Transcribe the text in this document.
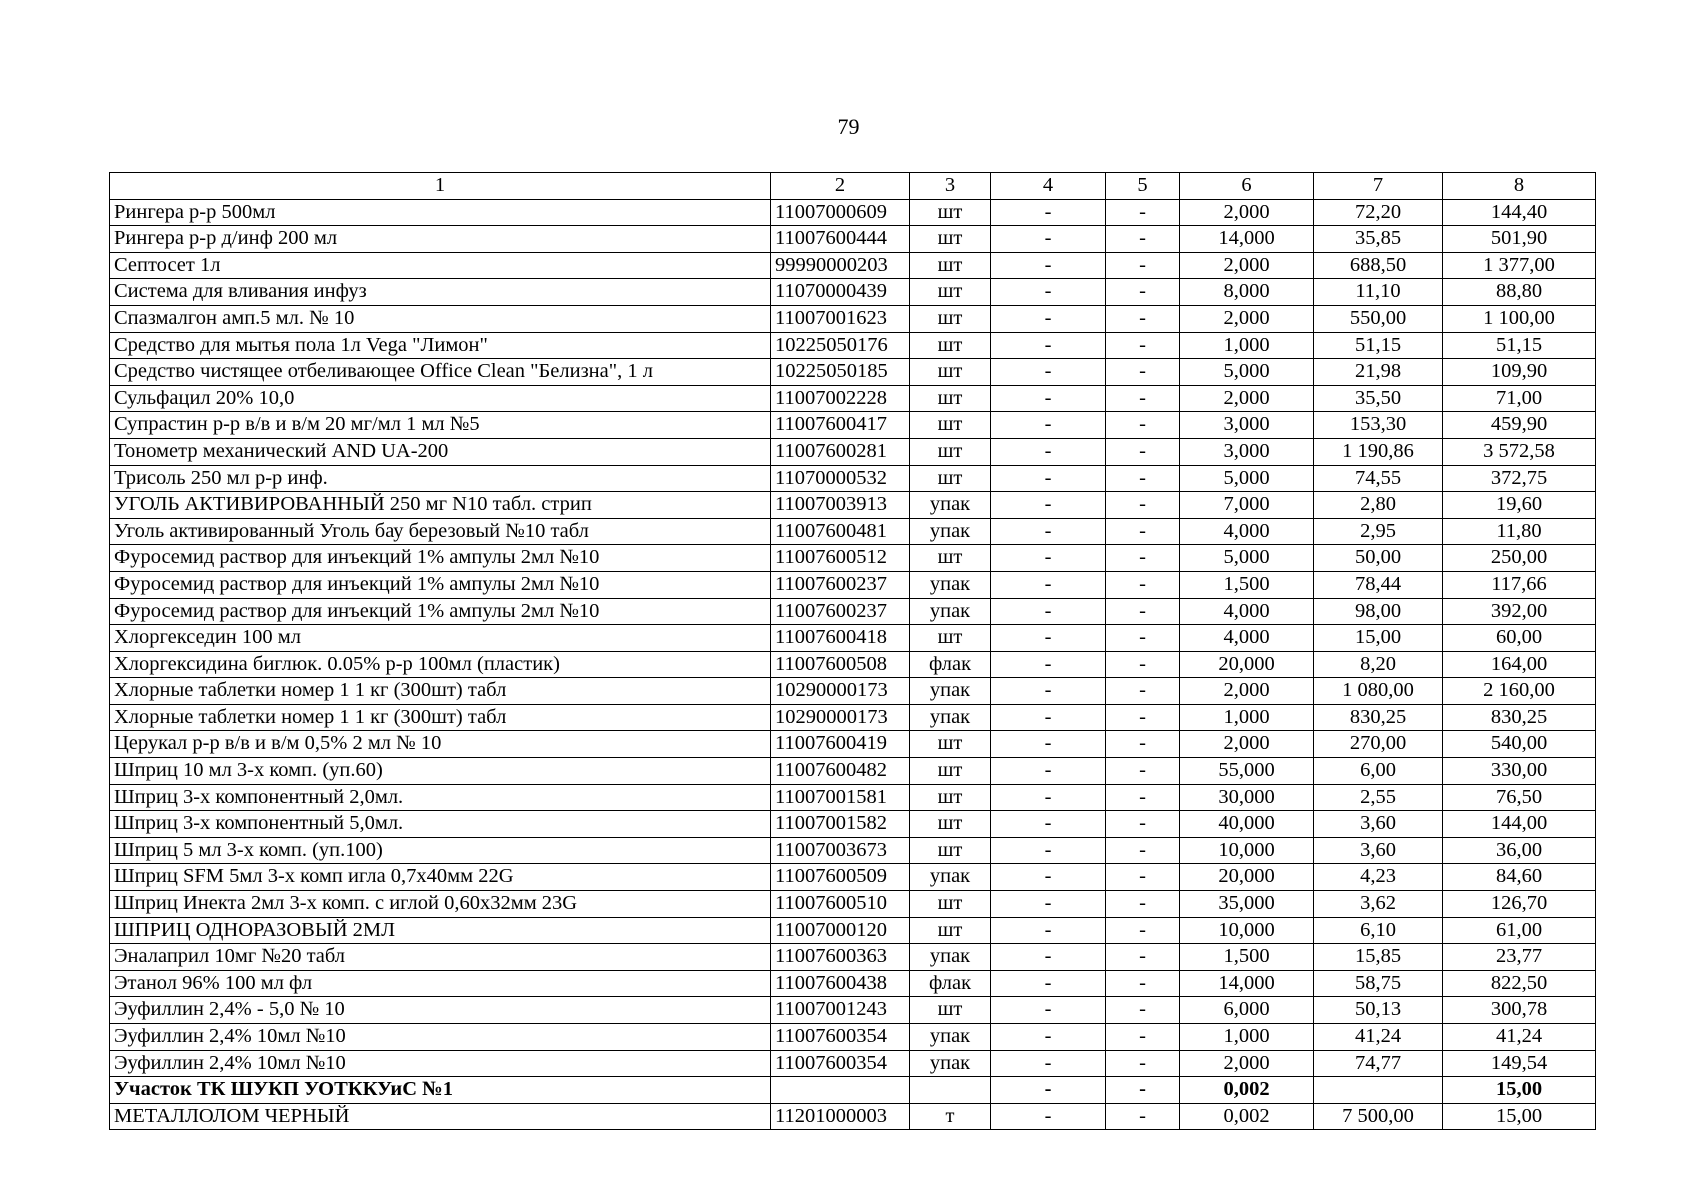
79
1	2	3	4	5	6	7	8
Рингера р-р 500мл	11007000609	шт	-	-	2,000	72,20	144,40
Рингера р-р д/инф 200 мл	11007600444	шт	-	-	14,000	35,85	501,90
Септосет 1л	99990000203	шт	-	-	2,000	688,50	1 377,00
Система для вливания инфуз	11070000439	шт	-	-	8,000	11,10	88,80
Спазмалгон амп.5 мл. № 10	11007001623	шт	-	-	2,000	550,00	1 100,00
Средство для мытья пола 1л Vega "Лимон"	10225050176	шт	-	-	1,000	51,15	51,15
Средство чистящее отбеливающее Office Clean "Белизна", 1 л	10225050185	шт	-	-	5,000	21,98	109,90
Сульфацил 20% 10,0	11007002228	шт	-	-	2,000	35,50	71,00
Супрастин р-р в/в и в/м 20 мг/мл 1 мл №5	11007600417	шт	-	-	3,000	153,30	459,90
Тонометр механический AND UA-200	11007600281	шт	-	-	3,000	1 190,86	3 572,58
Трисоль 250 мл р-р инф.	11070000532	шт	-	-	5,000	74,55	372,75
УГОЛЬ АКТИВИРОВАННЫЙ 250 мг N10 табл. стрип	11007003913	упак	-	-	7,000	2,80	19,60
Уголь активированный Уголь бау березовый №10 табл	11007600481	упак	-	-	4,000	2,95	11,80
Фуросемид раствор для инъекций 1% ампулы 2мл №10	11007600512	шт	-	-	5,000	50,00	250,00
Фуросемид раствор для инъекций 1% ампулы 2мл №10	11007600237	упак	-	-	1,500	78,44	117,66
Фуросемид раствор для инъекций 1% ампулы 2мл №10	11007600237	упак	-	-	4,000	98,00	392,00
Хлоргекседин 100 мл	11007600418	шт	-	-	4,000	15,00	60,00
Хлоргексидина биглюк. 0.05% р-р 100мл (пластик)	11007600508	флак	-	-	20,000	8,20	164,00
Хлорные таблетки номер 1 1 кг (300шт) табл	10290000173	упак	-	-	2,000	1 080,00	2 160,00
Хлорные таблетки номер 1 1 кг (300шт) табл	10290000173	упак	-	-	1,000	830,25	830,25
Церукал р-р в/в и в/м 0,5% 2 мл № 10	11007600419	шт	-	-	2,000	270,00	540,00
Шприц 10 мл 3-х комп. (уп.60)	11007600482	шт	-	-	55,000	6,00	330,00
Шприц 3-х компонентный 2,0мл.	11007001581	шт	-	-	30,000	2,55	76,50
Шприц 3-х компонентный 5,0мл.	11007001582	шт	-	-	40,000	3,60	144,00
Шприц 5 мл 3-х комп. (уп.100)	11007003673	шт	-	-	10,000	3,60	36,00
Шприц SFM 5мл 3-х комп игла 0,7х40мм 22G	11007600509	упак	-	-	20,000	4,23	84,60
Шприц Инекта 2мл 3-х комп. с иглой 0,60х32мм 23G	11007600510	шт	-	-	35,000	3,62	126,70
ШПРИЦ ОДНОРАЗОВЫЙ 2МЛ	11007000120	шт	-	-	10,000	6,10	61,00
Эналаприл 10мг №20 табл	11007600363	упак	-	-	1,500	15,85	23,77
Этанол 96% 100 мл фл	11007600438	флак	-	-	14,000	58,75	822,50
Эуфиллин 2,4% - 5,0 № 10	11007001243	шт	-	-	6,000	50,13	300,78
Эуфиллин 2,4% 10мл №10	11007600354	упак	-	-	1,000	41,24	41,24
Эуфиллин 2,4% 10мл №10	11007600354	упак	-	-	2,000	74,77	149,54
Участок ТК ШУКП УОТККУиС №1			-	-	0,002		15,00
МЕТАЛЛОЛОМ ЧЕРНЫЙ	11201000003	т	-	-	0,002	7 500,00	15,00
